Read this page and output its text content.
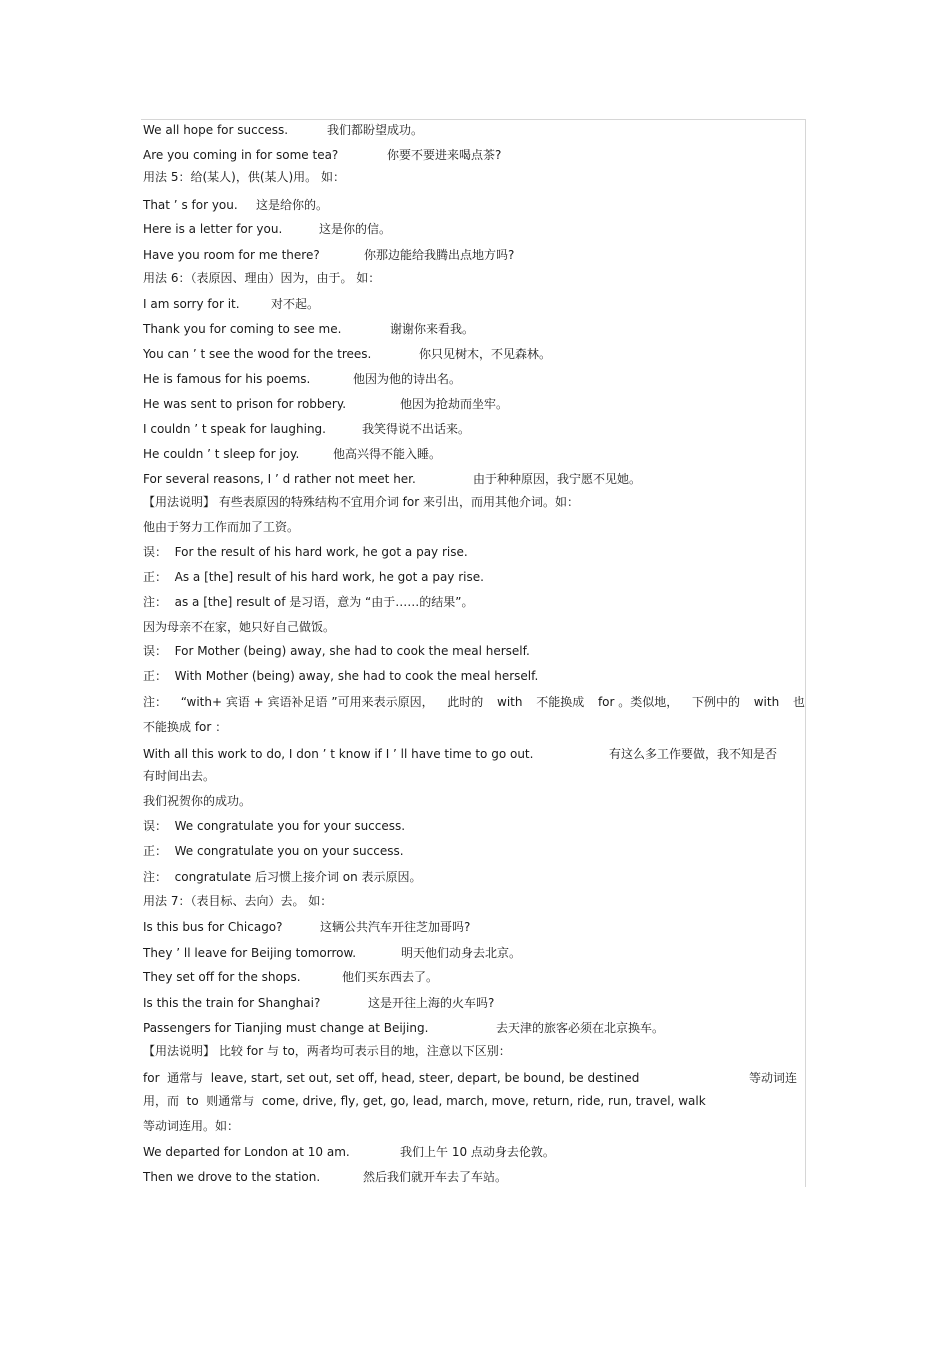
We all hope for success.	我们都盼望成功。
Are you coming in for some tea?	你要不要进来喝点茶?
用法 5：给(某人)，供(某人)用。 如：
That ’ s for you. 这是给你的。
Here is a letter for you.	这是你的信。
Have you room for me there?	你那边能给我腾出点地方吗?
用法 6：（表原因、理由）因为，由于。 如：
I am sorry for it.	对不起。
Thank you for coming to see me.	谢谢你来看我。
You can ’ t see the wood for the trees.	你只见树木，不见森林。
He is famous for his poems.	他因为他的诗出名。
He was sent to prison for robbery.	他因为抢劫而坐牢。
I couldn ’ t speak for laughing.	我笑得说不出话来。
He couldn ’ t sleep for joy.	他高兴得不能入睡。
For several reasons, I ’ d rather not meet her.	由于种种原因，我宁愿不见她。
【用法说明】 有些表原因的特殊结构不宜用介词 for 来引出，而用其他介词。如：
他由于努力工作而加了工资。
误：  For the result of his hard work, he got a pay rise.
正：  As a [the] result of his hard work, he got a pay rise.
注：  as a [the] result of 是习语，意为 “由于……的结果”。
因为母亲不在家，她只好自己做饭。
误：  For Mother (being) away, she had to cook the meal herself.
正：  With Mother (being) away, she had to cook the meal herself.
注： “with+ 宾语 + 宾语补足语 ”可用来表示原因， 此时的 with 不能换成 for 。类似地， 下例中的 with 也
不能换成 for ：
With all this work to do, I don ’ t know if I ’ ll have time to go out.	有这么多工作要做，我不知是否
有时间出去。
我们祝贺你的成功。
误：  We congratulate you for your success.
正：  We congratulate you on your success.
注：  congratulate 后习惯上接介词 on 表示原因。
用法 7：（表目标、去向）去。 如：
Is this bus for Chicago?	这辆公共汽车开往芝加哥吗?
They ’ ll leave for Beijing tomorrow.	明天他们动身去北京。
They set off for the shops.	他们买东西去了。
Is this the train for Shanghai?	这是开往上海的火车吗?
Passengers for Tianjing must change at Beijing.	去天津的旅客必须在北京换车。
【用法说明】 比较 for 与 to，两者均可表示目的地，注意以下区别：
for  通常与  leave, start, set out, set off, head, steer, depart, be bound, be destined	等动词连
用，而  to  则通常与  come, drive, fly, get, go, lead, march, move, return, ride, run, travel, walk
等动词连用。如：
We departed for London at 10 am.	我们上午 10 点动身去伦敦。
Then we drove to the station.	然后我们就开车去了车站。
